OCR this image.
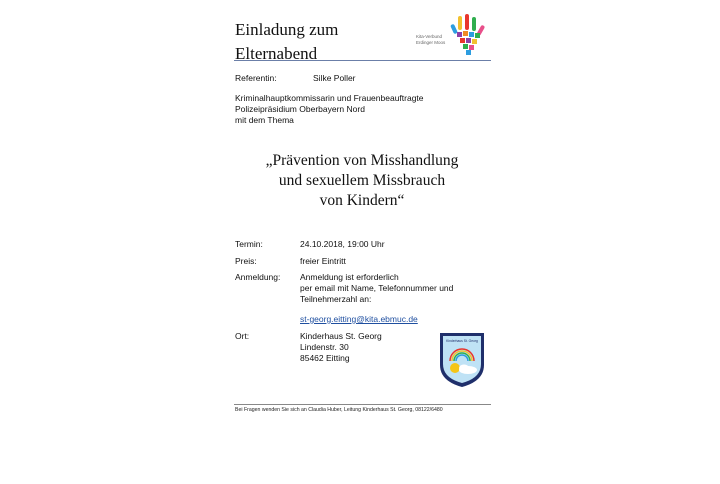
Einladung zum
Elternabend
Kita-Verbund
Erdinger Moos
Referentin:	Silke Poller
Kriminalhauptkommissarin und Frauenbeauftragte
Polizeipräsidium Oberbayern Nord
mit dem Thema
„Prävention von Misshandlung
und sexuellem Missbrauch
von Kindern“
Termin:	24.10.2018, 19:00 Uhr
Preis:	freier Eintritt
Anmeldung: Anmeldung ist erforderlich
per email mit Name, Telefonnummer und
Teilnehmerzahl an:
st-georg.eitting@kita.ebmuc.de
Ort:	Kinderhaus St. Georg
Lindenstr. 30
85462 Eitting
Kinderhaus St. Georg
Bei Fragen wenden Sie sich an Claudia Huber, Leitung Kinderhaus St. Georg, 08122/6480
